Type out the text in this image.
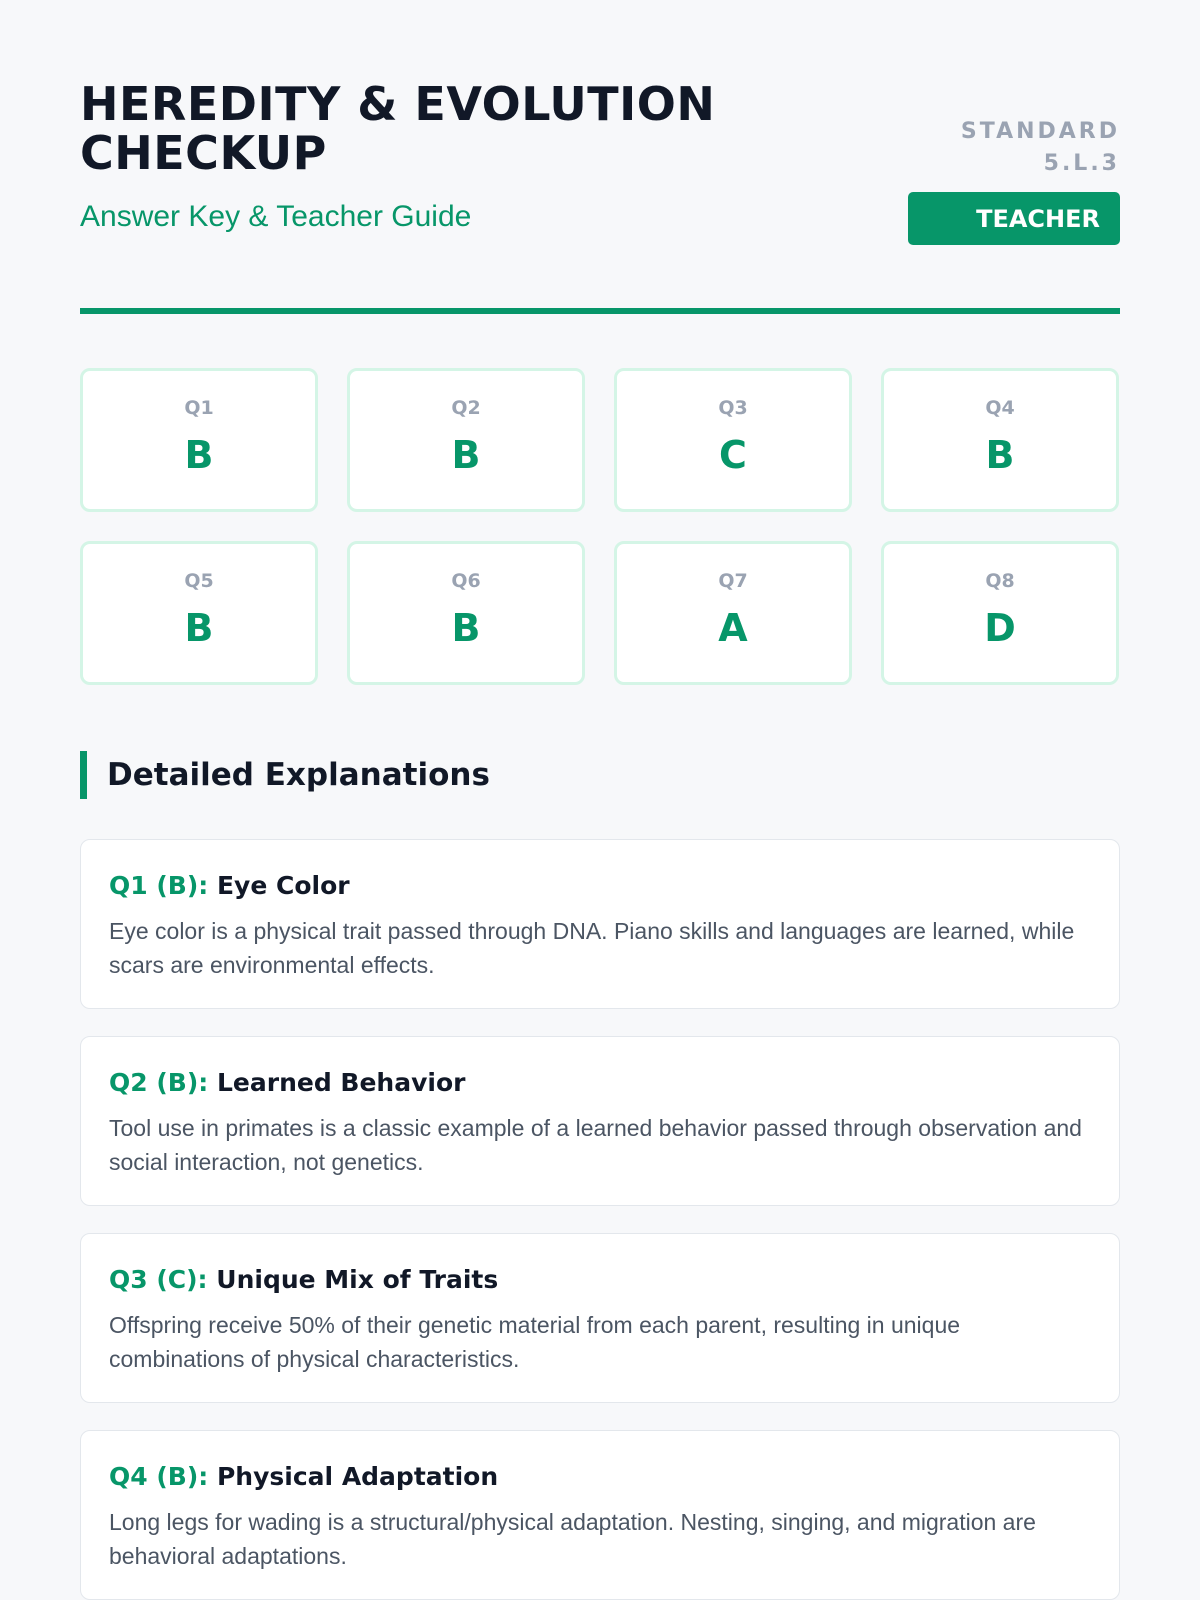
HEREDITY & EVOLUTION CHECKUP
Answer Key & Teacher Guide
STANDARD 5.L.3
TEACHER
Q1
B
Q2
B
Q3
C
Q4
B
Q5
B
Q6
B
Q7
A
Q8
D
Detailed Explanations
Q1 (B): Eye Color

Eye color is a physical trait passed through DNA. Piano skills and languages are learned, while scars are environmental effects.

Q2 (B): Learned Behavior

Tool use in primates is a classic example of a learned behavior passed through observation and social interaction, not genetics.

Q3 (C): Unique Mix of Traits

Offspring receive 50% of their genetic material from each parent, resulting in unique combinations of physical characteristics.

Q4 (B): Physical Adaptation

Long legs for wading is a structural/physical adaptation. Nesting, singing, and migration are behavioral adaptations.
